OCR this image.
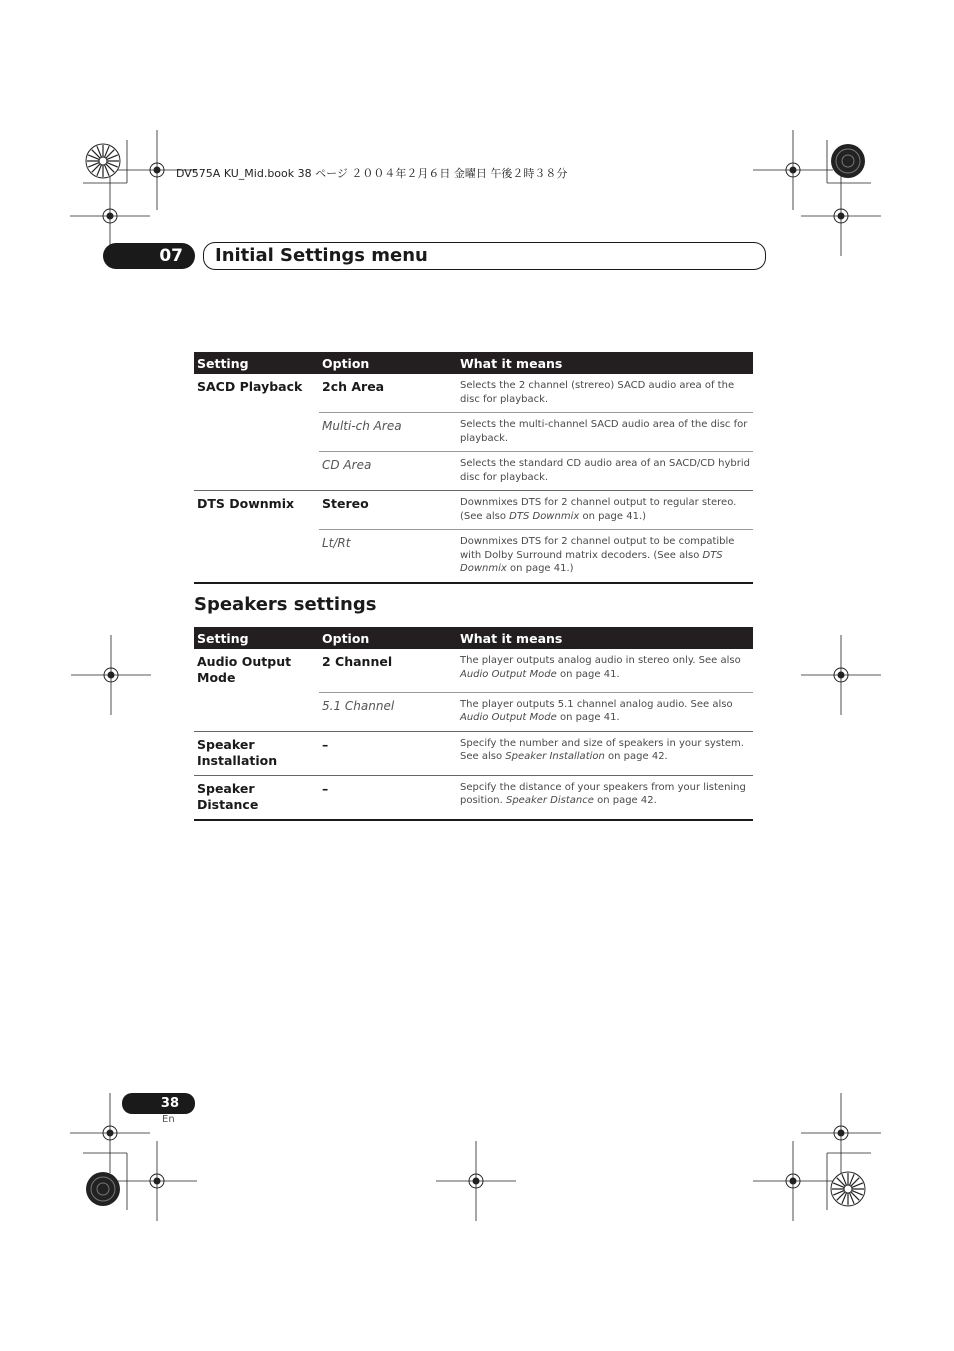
DV575A KU_Mid.book 38 ページ ２００４年２月６日 金曜日 午後２時３８分
07	Initial Settings menu
Setting	Option	What it means
SACD Playback	2ch Area	Selects the 2 channel (strereo) SACD audio area of the disc for playback.
	Multi-ch Area	Selects the multi-channel SACD audio area of the disc for playback.
	CD Area	Selects the standard CD audio area of an SACD/CD hybrid disc for playback.
DTS Downmix	Stereo	Downmixes DTS for 2 channel output to regular stereo. (See also DTS Downmix on page 41.)
	Lt/Rt	Downmixes DTS for 2 channel output to be compatible with Dolby Surround matrix decoders. (See also DTS Downmix on page 41.)
Speakers settings
Setting	Option	What it means
Audio Output Mode	2 Channel	The player outputs analog audio in stereo only. See also Audio Output Mode on page 41.
	5.1 Channel	The player outputs 5.1 channel analog audio. See also Audio Output Mode on page 41.
Speaker Installation	–	Specify the number and size of speakers in your system. See also Speaker Installation on page 42.
Speaker Distance	–	Sepcify the distance of your speakers from your listening position. Speaker Distance on page 42.
38
En
